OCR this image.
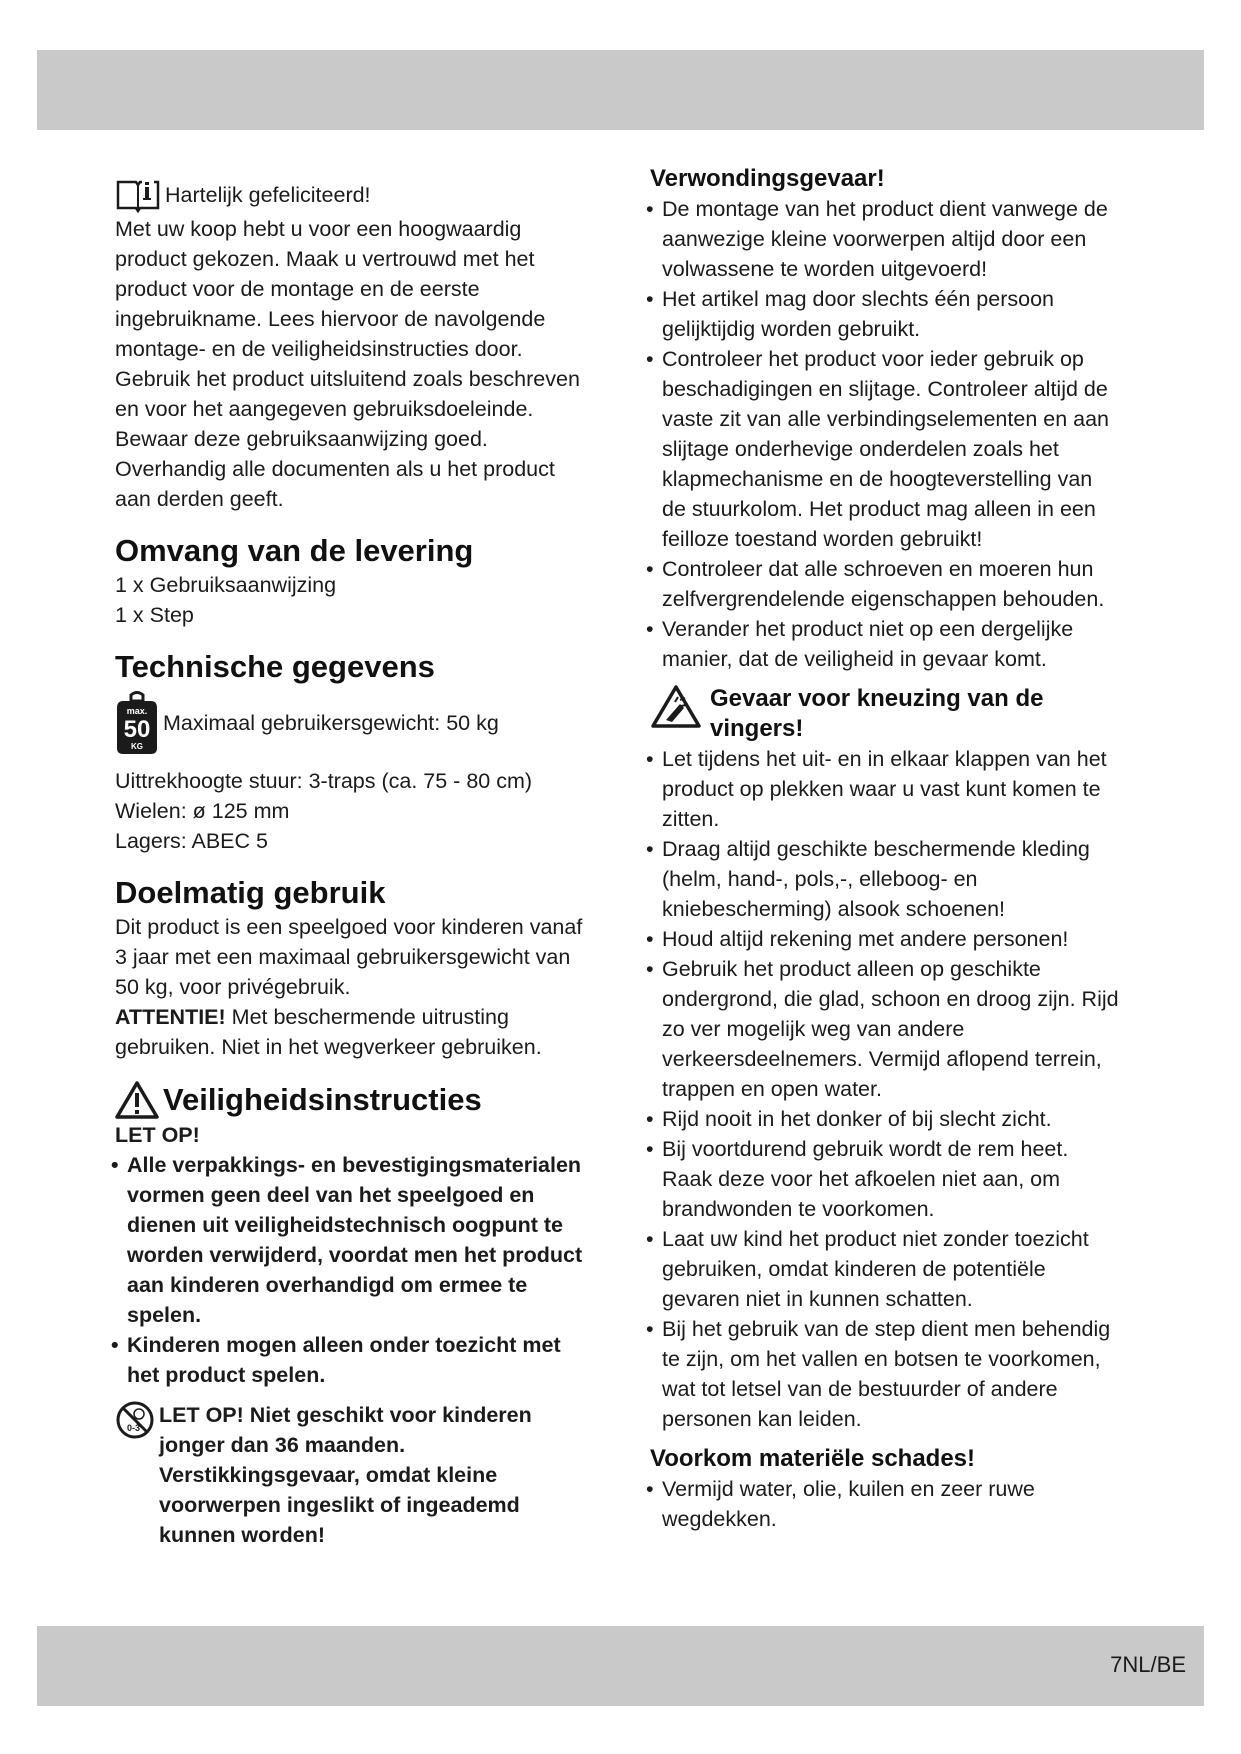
Hartelijk gefeliciteerd!

Met uw koop hebt u voor een hoogwaardig product gekozen. Maak u vertrouwd met het product voor de montage en de eerste ingebruikname. Lees hiervoor de navolgende montage- en de veiligheidsinstructies door. Gebruik het product uitsluitend zoals beschreven en voor het aangegeven gebruiksdoeleinde. Bewaar deze gebruiksaanwijzing goed. Overhandig alle documenten als u het product aan derden geeft.

Omvang van de levering

1 x Gebruiksaanwijzing

1 x Step

Technische gegevens
max.
50
KG
Maximaal gebruikersgewicht: 50 kg

Uittrekhoogte stuur: 3-traps (ca. 75 - 80 cm)

Wielen: ø 125 mm

Lagers: ABEC 5

Doelmatig gebruik

Dit product is een speelgoed voor kinderen vanaf 3 jaar met een maximaal gebruikersgewicht van 50 kg, voor privégebruik.

ATTENTIE! Met beschermende uitrusting gebruiken. Niet in het wegverkeer gebruiken.

Veiligheidsinstructies

LET OP!

• Alle verpakkings- en bevestigingsmaterialen vormen geen deel van het speelgoed en dienen uit veiligheidstechnisch oogpunt te worden verwijderd, voordat men het product aan kinderen overhandigd om ermee te spelen.
• Kinderen mogen alleen onder toezicht met het product spelen.
0-3
LET OP! Niet geschikt voor kinderen jonger dan 36 maanden. Verstikkingsgevaar, omdat kleine voorwerpen ingeslikt of ingeademd kunnen worden!
Verwondingsgevaar!
• De montage van het product dient vanwege de aanwezige kleine voorwerpen altijd door een volwassene te worden uitgevoerd!
• Het artikel mag door slechts één persoon gelijktijdig worden gebruikt.
• Controleer het product voor ieder gebruik op beschadigingen en slijtage. Controleer altijd de vaste zit van alle verbindingselementen en aan slijtage onderhevige onderdelen zoals het klapmechanisme en de hoogteverstelling van de stuurkolom. Het product mag alleen in een feilloze toestand worden gebruikt!
• Controleer dat alle schroeven en moeren hun zelfvergrendelende eigenschappen behouden.
• Verander het product niet op een dergelijke manier, dat de veiligheid in gevaar komt.
Gevaar voor kneuzing van de vingers!
• Let tijdens het uit- en in elkaar klappen van het product op plekken waar u vast kunt komen te zitten.
• Draag altijd geschikte beschermende kleding (helm, hand-, pols,-, elleboog- en kniebescherming) alsook schoenen!
• Houd altijd rekening met andere personen!
• Gebruik het product alleen op geschikte ondergrond, die glad, schoon en droog zijn. Rijd zo ver mogelijk weg van andere verkeersdeelnemers. Vermijd aflopend terrein, trappen en open water.
• Rijd nooit in het donker of bij slecht zicht.
• Bij voortdurend gebruik wordt de rem heet. Raak deze voor het afkoelen niet aan, om brandwonden te voorkomen.
• Laat uw kind het product niet zonder toezicht gebruiken, omdat kinderen de potentiële gevaren niet in kunnen schatten.
• Bij het gebruik van de step dient men behendig te zijn, om het vallen en botsen te voorkomen, wat tot letsel van de bestuurder of andere personen kan leiden.
Voorkom materiële schades!
• Vermijd water, olie, kuilen en zeer ruwe wegdekken.
7NL/BE
